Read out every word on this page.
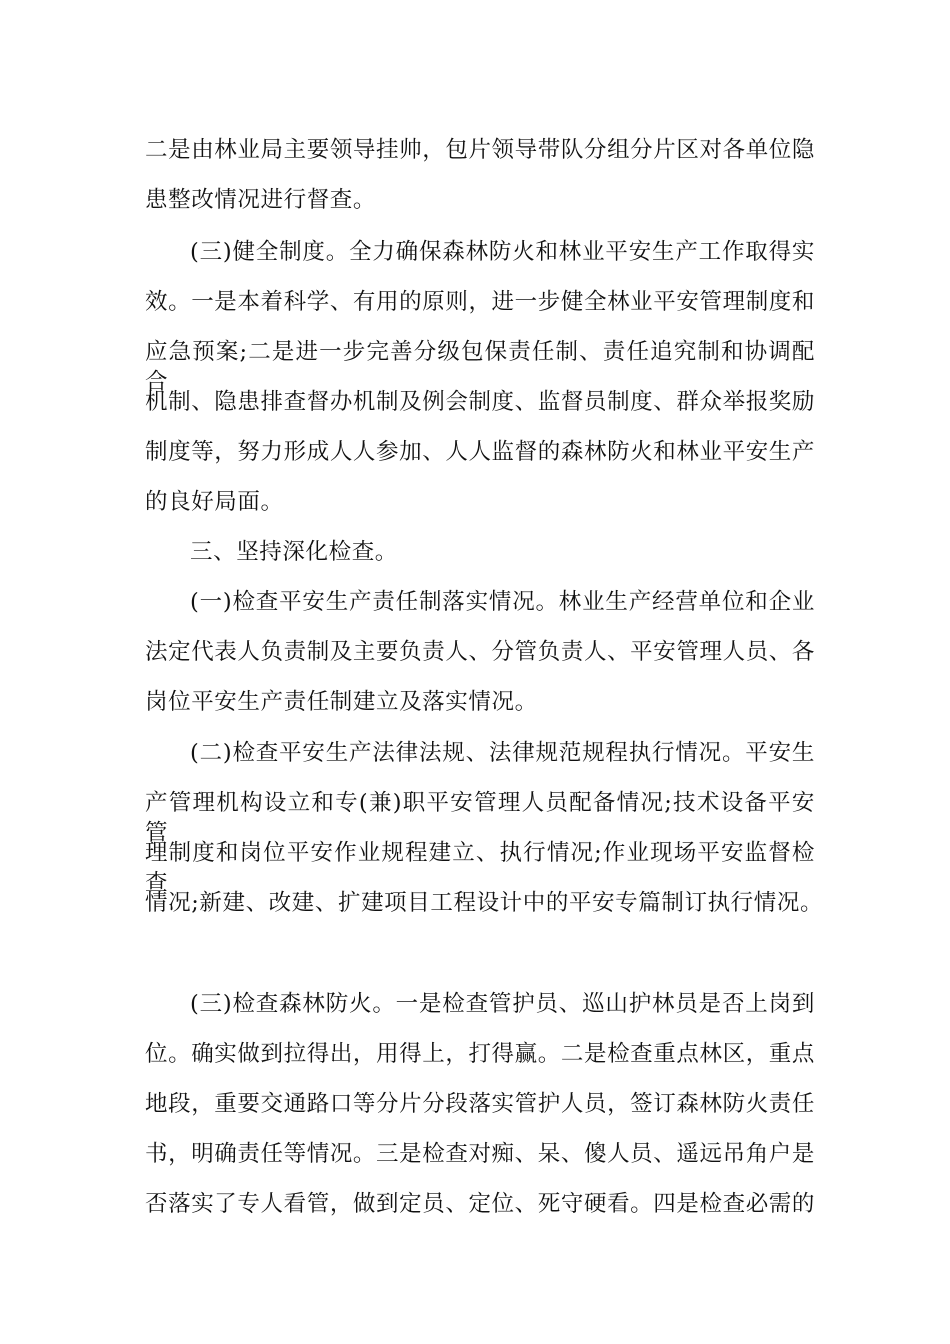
二是由林业局主要领导挂帅，包片领导带队分组分片区对各单位隐
患整改情况进行督查。
(三)健全制度。全力确保森林防火和林业平安生产工作取得实
效。一是本着科学、有用的原则，进一步健全林业平安管理制度和
应急预案;二是进一步完善分级包保责任制、责任追究制和协调配合
机制、隐患排查督办机制及例会制度、监督员制度、群众举报奖励
制度等，努力形成人人参加、人人监督的森林防火和林业平安生产
的良好局面。
三、坚持深化检查。
(一)检查平安生产责任制落实情况。林业生产经营单位和企业
法定代表人负责制及主要负责人、分管负责人、平安管理人员、各
岗位平安生产责任制建立及落实情况。
(二)检查平安生产法律法规、法律规范规程执行情况。平安生
产管理机构设立和专(兼)职平安管理人员配备情况;技术设备平安管
理制度和岗位平安作业规程建立、执行情况;作业现场平安监督检查
情况;新建、改建、扩建项目工程设计中的平安专篇制订执行情况。
(三)检查森林防火。一是检查管护员、巡山护林员是否上岗到
位。确实做到拉得出，用得上，打得赢。二是检查重点林区，重点
地段，重要交通路口等分片分段落实管护人员，签订森林防火责任
书，明确责任等情况。三是检查对痴、呆、傻人员、遥远吊角户是
否落实了专人看管，做到定员、定位、死守硬看。四是检查必需的
